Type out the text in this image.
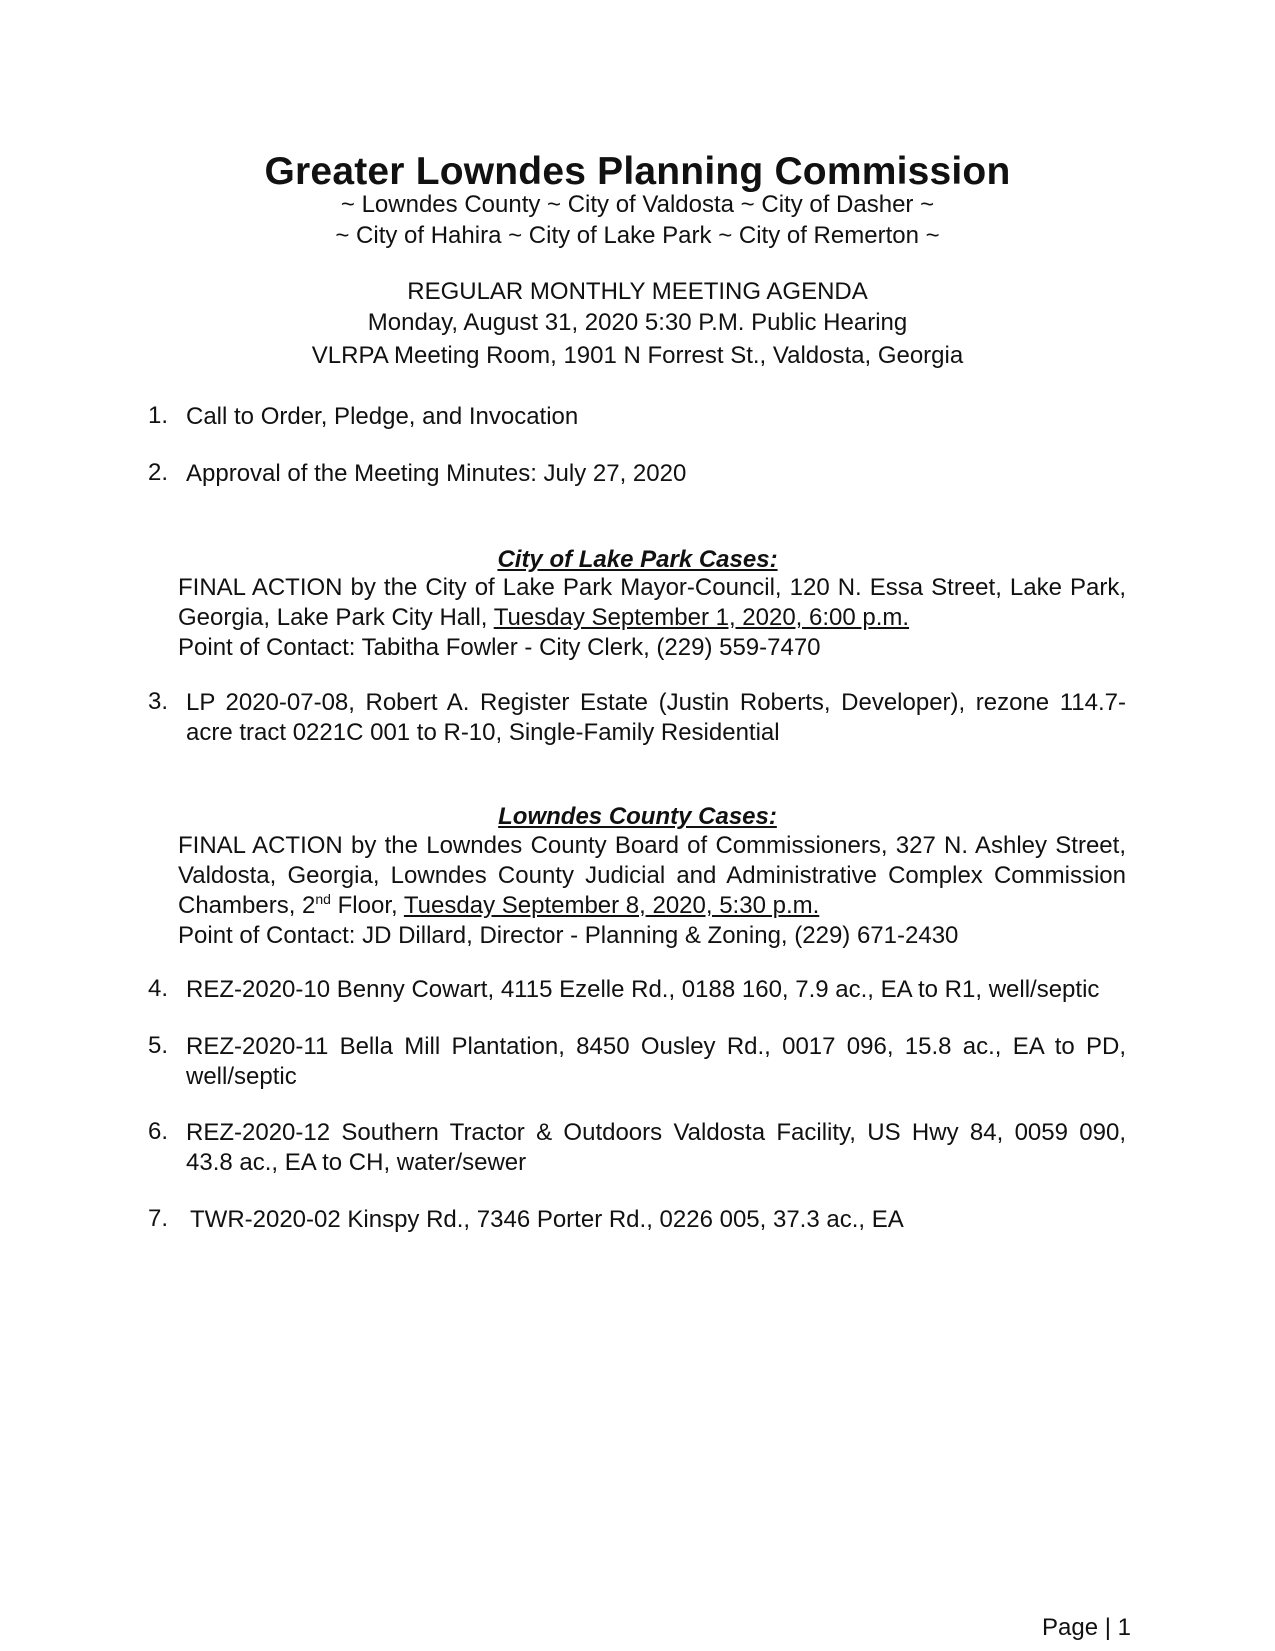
Greater Lowndes Planning Commission
~ Lowndes County ~ City of Valdosta ~ City of Dasher ~
~ City of Hahira ~ City of Lake Park ~ City of Remerton ~
REGULAR MONTHLY MEETING AGENDA
Monday, August 31, 2020 5:30 P.M. Public Hearing
VLRPA Meeting Room, 1901 N Forrest St., Valdosta, Georgia
1. Call to Order, Pledge, and Invocation
2. Approval of the Meeting Minutes: July 27, 2020
City of Lake Park Cases:
FINAL ACTION by the City of Lake Park Mayor-Council, 120 N. Essa Street, Lake Park,
Georgia, Lake Park City Hall, Tuesday September 1, 2020, 6:00 p.m.
Point of Contact: Tabitha Fowler - City Clerk, (229) 559-7470
3. LP 2020-07-08, Robert A. Register Estate (Justin Roberts, Developer), rezone 114.7-
acre tract 0221C 001 to R-10, Single-Family Residential
Lowndes County Cases:
FINAL ACTION by the Lowndes County Board of Commissioners, 327 N. Ashley Street,
Valdosta, Georgia, Lowndes County Judicial and Administrative Complex Commission
Chambers, 2nd Floor, Tuesday September 8, 2020, 5:30 p.m.
Point of Contact: JD Dillard, Director - Planning & Zoning, (229) 671-2430
4. REZ-2020-10 Benny Cowart, 4115 Ezelle Rd., 0188 160, 7.9 ac., EA to R1, well/septic
5. REZ-2020-11 Bella Mill Plantation, 8450 Ousley Rd., 0017 096, 15.8 ac., EA to PD,
well/septic
6. REZ-2020-12 Southern Tractor & Outdoors Valdosta Facility, US Hwy 84, 0059 090,
43.8 ac., EA to CH, water/sewer
7. TWR-2020-02 Kinspy Rd., 7346 Porter Rd., 0226 005, 37.3 ac., EA
Page | 1
